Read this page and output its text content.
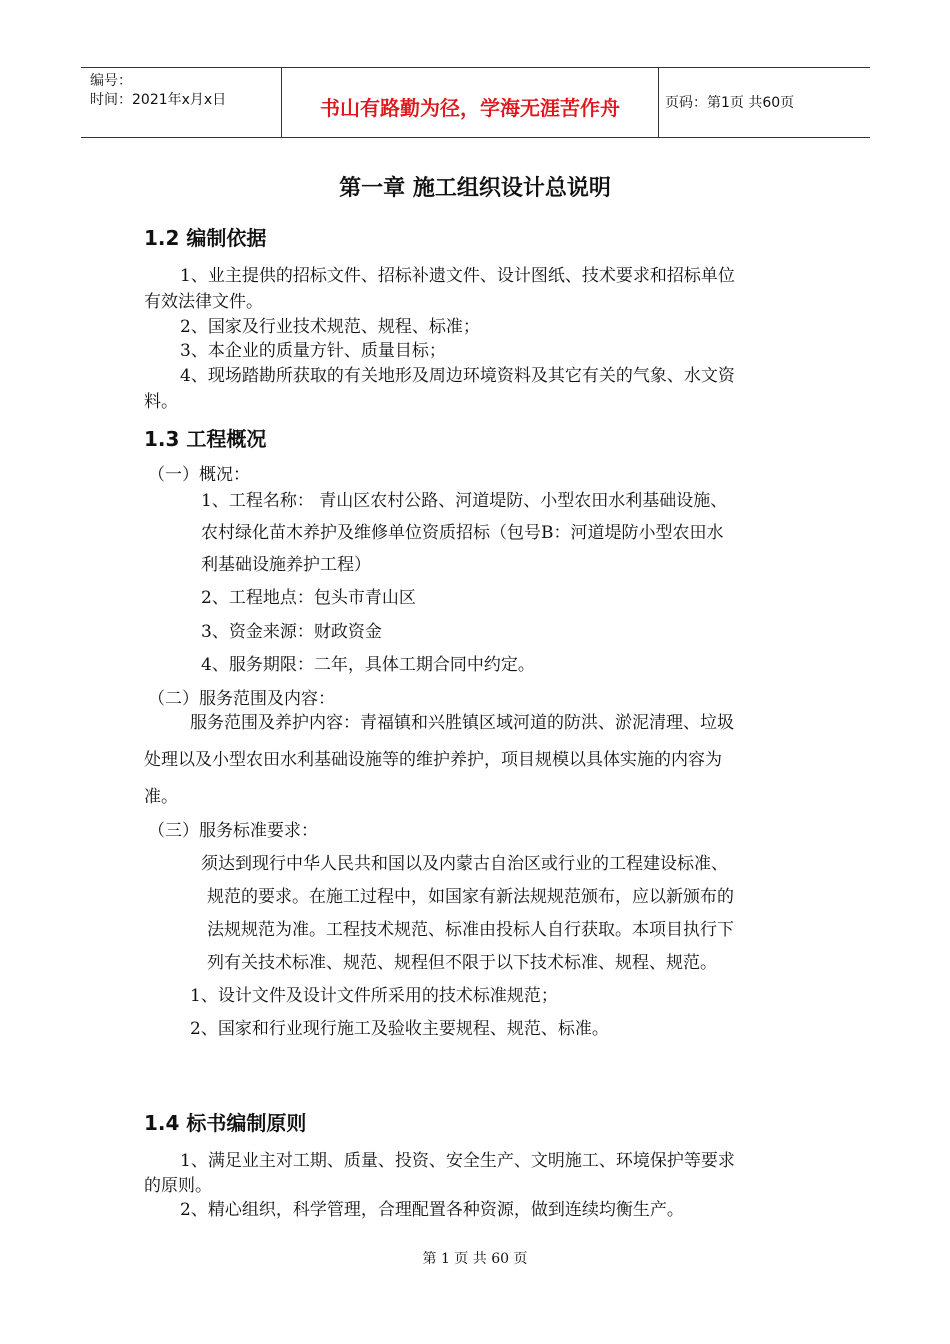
编号：
时间：2021年x月x日	书山有路勤为径，学海无涯苦作舟	页码：第1页 共60页
第一章 施工组织设计总说明
1.2 编制依据
1、业主提供的招标文件、招标补遗文件、设计图纸、技术要求和招标单位
有效法律文件。
2、国家及行业技术规范、规程、标准；
3、本企业的质量方针、质量目标；
4、现场踏勘所获取的有关地形及周边环境资料及其它有关的气象、水文资
料。
1.3 工程概况
（一）概况：
1、工程名称： 青山区农村公路、河道堤防、小型农田水利基础设施、
农村绿化苗木养护及维修单位资质招标（包号B：河道堤防小型农田水
利基础设施养护工程）
2、工程地点：包头市青山区
3、资金来源：财政资金
4、服务期限：二年，具体工期合同中约定。
（二）服务范围及内容：
服务范围及养护内容：青福镇和兴胜镇区域河道的防洪、淤泥清理、垃圾
处理以及小型农田水利基础设施等的维护养护，项目规模以具体实施的内容为
准。
（三）服务标准要求：
须达到现行中华人民共和国以及内蒙古自治区或行业的工程建设标准、
规范的要求。在施工过程中，如国家有新法规规范颁布，应以新颁布的
法规规范为准。工程技术规范、标准由投标人自行获取。本项目执行下
列有关技术标准、规范、规程但不限于以下技术标准、规程、规范。
1、设计文件及设计文件所采用的技术标准规范；
2、国家和行业现行施工及验收主要规程、规范、标准。
1.4 标书编制原则
1、满足业主对工期、质量、投资、安全生产、文明施工、环境保护等要求
的原则。
2、精心组织，科学管理，合理配置各种资源，做到连续均衡生产。
第 1 页 共 60 页
